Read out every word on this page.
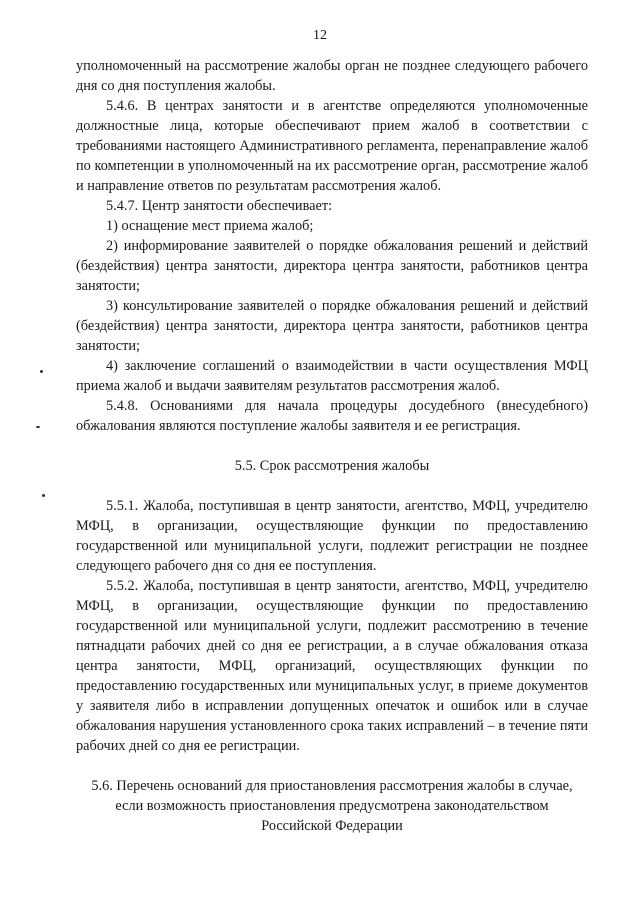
12

уполномоченный на рассмотрение жалобы орган не позднее следующего рабочего дня со дня поступления жалобы.

5.4.6. В центрах занятости и в агентстве определяются уполномоченные должностные лица, которые обеспечивают прием жалоб в соответствии с требованиями настоящего Административного регламента, перенаправление жалоб по компетенции в уполномоченный на их рассмотрение орган, рассмотрение жалоб и направление ответов по результатам рассмотрения жалоб.

5.4.7. Центр занятости обеспечивает:

1) оснащение мест приема жалоб;

2) информирование заявителей о порядке обжалования решений и действий (бездействия) центра занятости, директора центра занятости, работников центра занятости;

3) консультирование заявителей о порядке обжалования решений и действий (бездействия) центра занятости, директора центра занятости, работников центра занятости;

4) заключение соглашений о взаимодействии в части осуществления МФЦ приема жалоб и выдачи заявителям результатов рассмотрения жалоб.

5.4.8. Основаниями для начала процедуры досудебного (внесудебного) обжалования являются поступление жалобы заявителя и ее регистрация.

5.5. Срок рассмотрения жалобы

5.5.1. Жалоба, поступившая в центр занятости, агентство, МФЦ, учредителю МФЦ, в организации, осуществляющие функции по предоставлению государственной или муниципальной услуги, подлежит регистрации не позднее следующего рабочего дня со дня ее поступления.

5.5.2. Жалоба, поступившая в центр занятости, агентство, МФЦ, учредителю МФЦ, в организации, осуществляющие функции по предоставлению государственной или муниципальной услуги, подлежит рассмотрению в течение пятнадцати рабочих дней со дня ее регистрации, а в случае обжалования отказа центра занятости, МФЦ, организаций, осуществляющих функции по предоставлению государственных или муниципальных услуг, в приеме документов у заявителя либо в исправлении допущенных опечаток и ошибок или в случае обжалования нарушения установленного срока таких исправлений – в течение пяти рабочих дней со дня ее регистрации.

5.6. Перечень оснований для приостановления рассмотрения жалобы в случае, если возможность приостановления предусмотрена законодательством Российской Федерации
